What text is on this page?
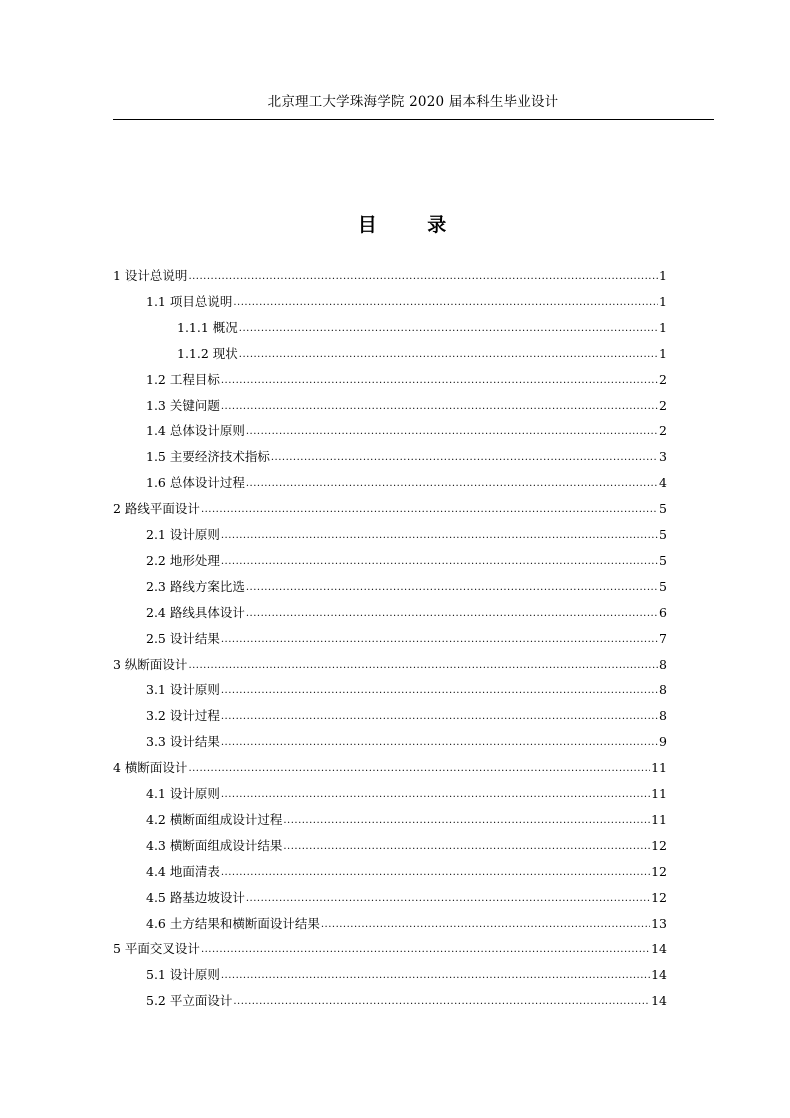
北京理工大学珠海学院 2020 届本科生毕业设计
目 录
1 设计总说明 .....	1
1.1 项目总说明 .....	1
1.1.1 概况 .....	1
1.1.2 现状 .....	1
1.2 工程目标 .....	2
1.3 关键问题 .....	2
1.4 总体设计原则 .....	2
1.5 主要经济技术指标 .....	3
1.6 总体设计过程 .....	4
2 路线平面设计 .....	5
2.1 设计原则 .....	5
2.2 地形处理 .....	5
2.3 路线方案比选 .....	5
2.4 路线具体设计 .....	6
2.5 设计结果 .....	7
3 纵断面设计 .....	8
3.1 设计原则 .....	8
3.2 设计过程 .....	8
3.3 设计结果 .....	9
4 横断面设计 .....	11
4.1 设计原则 .....	11
4.2 横断面组成设计过程 .....	11
4.3 横断面组成设计结果 .....	12
4.4 地面清表 .....	12
4.5 路基边坡设计 .....	12
4.6 土方结果和横断面设计结果 .....	13
5 平面交叉设计 .....	14
5.1 设计原则 .....	14
5.2 平立面设计 .....	14
